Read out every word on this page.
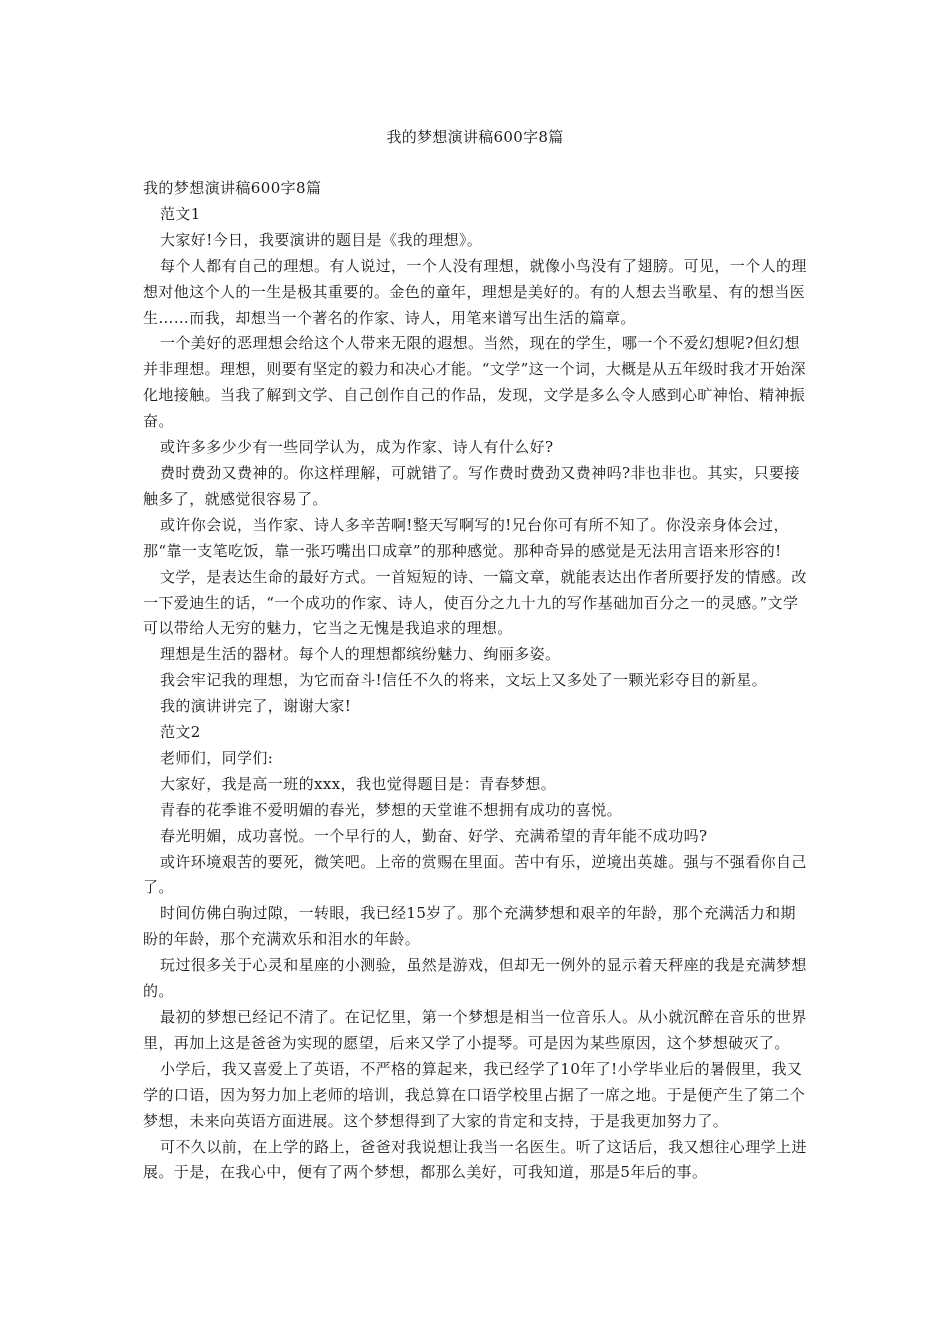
我的梦想演讲稿600字8篇

我的梦想演讲稿600字8篇

范文1

大家好!今日，我要演讲的题目是《我的理想》。

每个人都有自己的理想。有人说过，一个人没有理想，就像小鸟没有了翅膀。可见，一个人的理想对他这个人的一生是极其重要的。金色的童年，理想是美好的。有的人想去当歌星、有的想当医生……而我，却想当一个著名的作家、诗人，用笔来谱写出生活的篇章。

一个美好的恶理想会给这个人带来无限的遐想。当然，现在的学生，哪一个不爱幻想呢?但幻想并非理想。理想，则要有坚定的毅力和决心才能。“文学”这一个词，大概是从五年级时我才开始深化地接触。当我了解到文学、自己创作自己的作品，发现，文学是多么令人感到心旷神怡、精神振奋。

或许多多少少有一些同学认为，成为作家、诗人有什么好?

费时费劲又费神的。你这样理解，可就错了。写作费时费劲又费神吗?非也非也。其实，只要接触多了，就感觉很容易了。

或许你会说，当作家、诗人多辛苦啊!整天写啊写的!兄台你可有所不知了。你没亲身体会过，那“靠一支笔吃饭，靠一张巧嘴出口成章”的那种感觉。那种奇异的感觉是无法用言语来形容的!

文学，是表达生命的最好方式。一首短短的诗、一篇文章，就能表达出作者所要抒发的情感。改一下爱迪生的话，“一个成功的作家、诗人，使百分之九十九的写作基础加百分之一的灵感。”文学可以带给人无穷的魅力，它当之无愧是我追求的理想。

理想是生活的器材。每个人的理想都缤纷魅力、绚丽多姿。

我会牢记我的理想，为它而奋斗!信任不久的将来，文坛上又多处了一颗光彩夺目的新星。

我的演讲讲完了，谢谢大家!

范文2

老师们，同学们:

大家好，我是高一班的xxx，我也觉得题目是：青春梦想。

青春的花季谁不爱明媚的春光，梦想的天堂谁不想拥有成功的喜悦。

春光明媚，成功喜悦。一个早行的人，勤奋、好学、充满希望的青年能不成功吗?

或许环境艰苦的要死，微笑吧。上帝的赏赐在里面。苦中有乐，逆境出英雄。强与不强看你自己了。

时间仿佛白驹过隙，一转眼，我已经15岁了。那个充满梦想和艰辛的年龄，那个充满活力和期盼的年龄，那个充满欢乐和泪水的年龄。

玩过很多关于心灵和星座的小测验，虽然是游戏，但却无一例外的显示着天秤座的我是充满梦想的。

最初的梦想已经记不清了。在记忆里，第一个梦想是相当一位音乐人。从小就沉醉在音乐的世界里，再加上这是爸爸为实现的愿望，后来又学了小提琴。可是因为某些原因，这个梦想破灭了。

小学后，我又喜爱上了英语，不严格的算起来，我已经学了10年了!小学毕业后的暑假里，我又学的口语，因为努力加上老师的培训，我总算在口语学校里占据了一席之地。于是便产生了第二个梦想，未来向英语方面进展。这个梦想得到了大家的肯定和支持，于是我更加努力了。

可不久以前，在上学的路上，爸爸对我说想让我当一名医生。听了这话后，我又想往心理学上进展。于是，在我心中，便有了两个梦想，都那么美好，可我知道，那是5年后的事。
